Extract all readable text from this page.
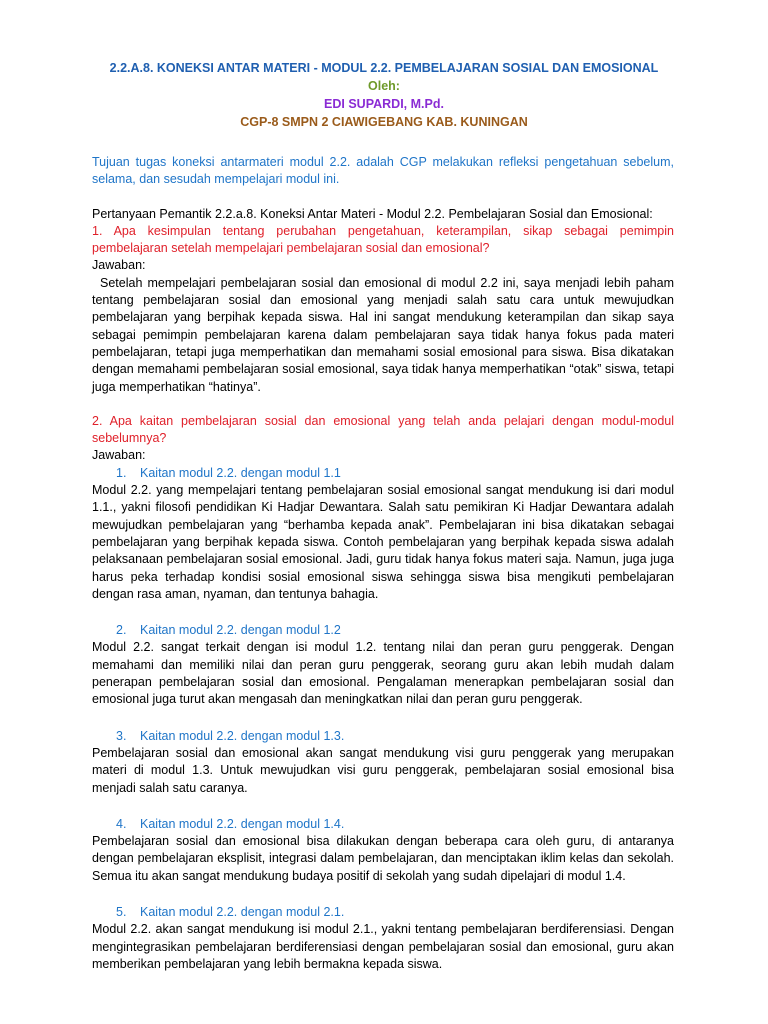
2.2.A.8. KONEKSI ANTAR MATERI - MODUL 2.2. PEMBELAJARAN SOSIAL DAN EMOSIONAL
Oleh:
EDI SUPARDI, M.Pd.
CGP-8 SMPN 2 CIAWIGEBANG KAB. KUNINGAN

Tujuan tugas koneksi antarmateri modul 2.2. adalah CGP melakukan refleksi pengetahuan sebelum, selama, dan sesudah mempelajari modul ini.

Pertanyaan Pemantik 2.2.a.8. Koneksi Antar Materi - Modul 2.2. Pembelajaran Sosial dan Emosional:

1. Apa kesimpulan tentang perubahan pengetahuan, keterampilan, sikap sebagai pemimpin pembelajaran setelah mempelajari pembelajaran sosial dan emosional?

Jawaban:

Setelah mempelajari pembelajaran sosial dan emosional di modul 2.2 ini, saya menjadi lebih paham tentang pembelajaran sosial dan emosional yang menjadi salah satu cara untuk mewujudkan pembelajaran yang berpihak kepada siswa. Hal ini sangat mendukung keterampilan dan sikap saya sebagai pemimpin pembelajaran karena dalam pembelajaran saya tidak hanya fokus pada materi pembelajaran, tetapi juga memperhatikan dan memahami sosial emosional para siswa. Bisa dikatakan dengan memahami pembelajaran sosial emosional, saya tidak hanya memperhatikan “otak” siswa, tetapi juga memperhatikan “hatinya”.

2. Apa kaitan pembelajaran sosial dan emosional yang telah anda pelajari dengan modul-modul sebelumnya?

Jawaban:

1. Kaitan modul 2.2. dengan modul 1.1

Modul 2.2. yang mempelajari tentang pembelajaran sosial emosional sangat mendukung isi dari modul 1.1., yakni filosofi pendidikan Ki Hadjar Dewantara. Salah satu pemikiran Ki Hadjar Dewantara adalah mewujudkan pembelajaran yang “berhamba kepada anak”. Pembelajaran ini bisa dikatakan sebagai pembelajaran yang berpihak kepada siswa. Contoh pembelajaran yang berpihak kepada siswa adalah pelaksanaan pembelajaran sosial emosional. Jadi, guru tidak hanya fokus materi saja. Namun, juga juga harus peka terhadap kondisi sosial emosional siswa sehingga siswa bisa mengikuti pembelajaran dengan rasa aman, nyaman, dan tentunya bahagia.

2. Kaitan modul 2.2. dengan modul 1.2

Modul 2.2. sangat terkait dengan isi modul 1.2. tentang nilai dan peran guru penggerak. Dengan memahami dan memiliki nilai dan peran guru penggerak, seorang guru akan lebih mudah dalam penerapan pembelajaran sosial dan emosional. Pengalaman menerapkan pembelajaran sosial dan emosional juga turut akan mengasah dan meningkatkan nilai dan peran guru penggerak.

3. Kaitan modul 2.2. dengan modul 1.3.

Pembelajaran sosial dan emosional akan sangat mendukung visi guru penggerak yang merupakan materi di modul 1.3. Untuk mewujudkan visi guru penggerak, pembelajaran sosial emosional bisa menjadi salah satu caranya.

4. Kaitan modul 2.2. dengan modul 1.4.

Pembelajaran sosial dan emosional bisa dilakukan dengan beberapa cara oleh guru, di antaranya dengan pembelajaran eksplisit, integrasi dalam pembelajaran, dan menciptakan iklim kelas dan sekolah. Semua itu akan sangat mendukung budaya positif di sekolah yang sudah dipelajari di modul 1.4.

5. Kaitan modul 2.2. dengan modul 2.1.

Modul 2.2. akan sangat mendukung isi modul 2.1., yakni tentang pembelajaran berdiferensiasi. Dengan mengintegrasikan pembelajaran berdiferensiasi dengan pembelajaran sosial dan emosional, guru akan memberikan pembelajaran yang lebih bermakna kepada siswa.
